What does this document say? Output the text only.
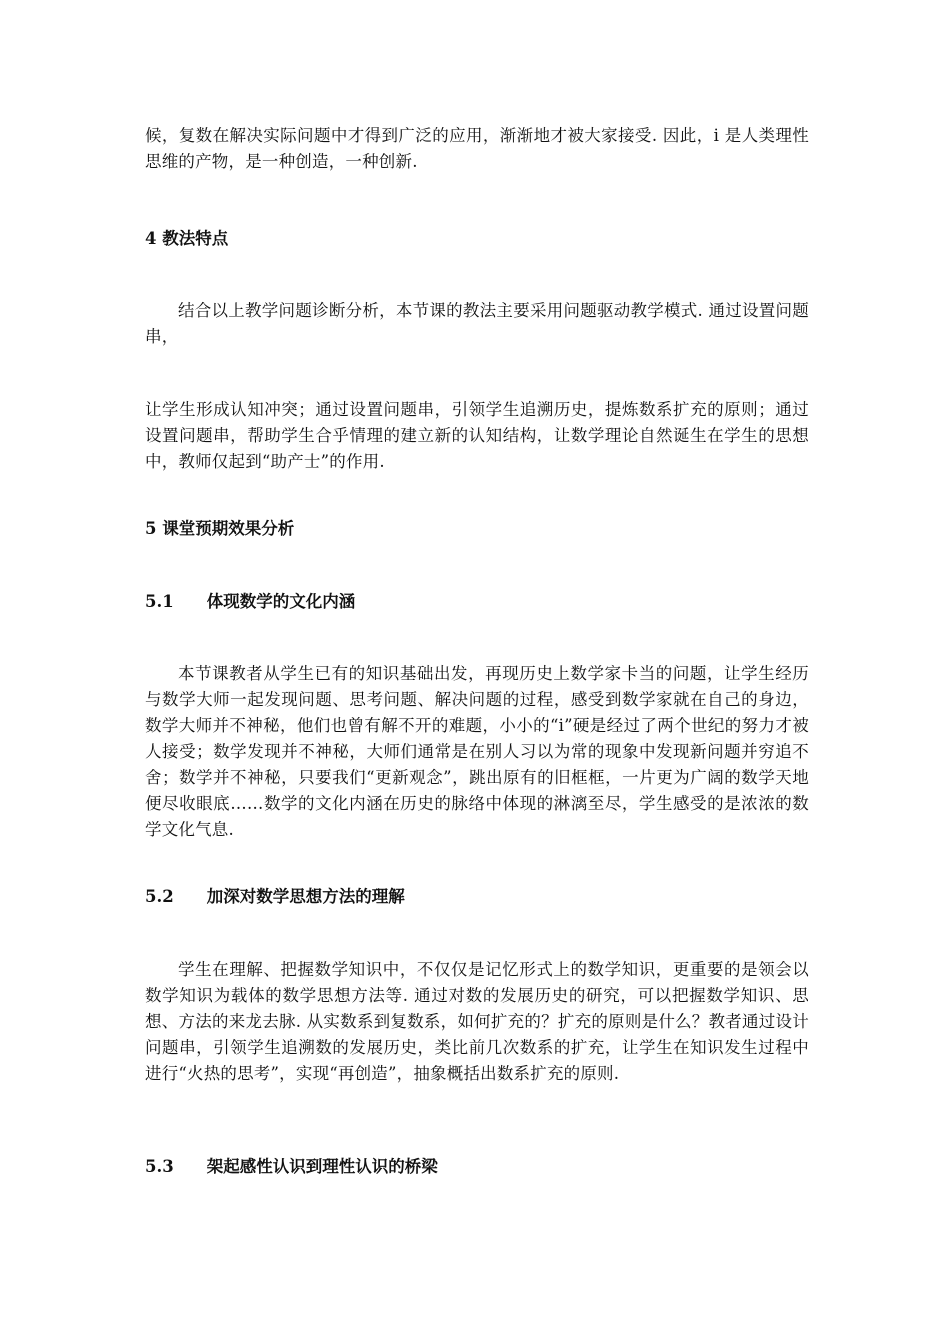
候，复数在解决实际问题中才得到广泛的应用，渐渐地才被大家接受. 因此，i 是人类理性思维的产物，是一种创造，一种创新.

4 教法特点

结合以上教学问题诊断分析，本节课的教法主要采用问题驱动教学模式. 通过设置问题串，

让学生形成认知冲突；通过设置问题串，引领学生追溯历史，提炼数系扩充的原则；通过设置问题串，帮助学生合乎情理的建立新的认知结构，让数学理论自然诞生在学生的思想中，教师仅起到“助产士”的作用.

5 课堂预期效果分析
5.1 体现数学的文化内涵

本节课教者从学生已有的知识基础出发，再现历史上数学家卡当的问题，让学生经历与数学大师一起发现问题、思考问题、解决问题的过程，感受到数学家就在自己的身边，数学大师并不神秘，他们也曾有解不开的难题，小小的“i”硬是经过了两个世纪的努力才被人接受；数学发现并不神秘，大师们通常是在别人习以为常的现象中发现新问题并穷追不舍；数学并不神秘，只要我们“更新观念”，跳出原有的旧框框，一片更为广阔的数学天地便尽收眼底……数学的文化内涵在历史的脉络中体现的淋漓至尽，学生感受的是浓浓的数学文化气息.

5.2 加深对数学思想方法的理解

学生在理解、把握数学知识中，不仅仅是记忆形式上的数学知识，更重要的是领会以数学知识为载体的数学思想方法等. 通过对数的发展历史的研究，可以把握数学知识、思想、方法的来龙去脉. 从实数系到复数系，如何扩充的？扩充的原则是什么？教者通过设计问题串，引领学生追溯数的发展历史，类比前几次数系的扩充，让学生在知识发生过程中进行“火热的思考”，实现“再创造”，抽象概括出数系扩充的原则.

5.3 架起感性认识到理性认识的桥梁
